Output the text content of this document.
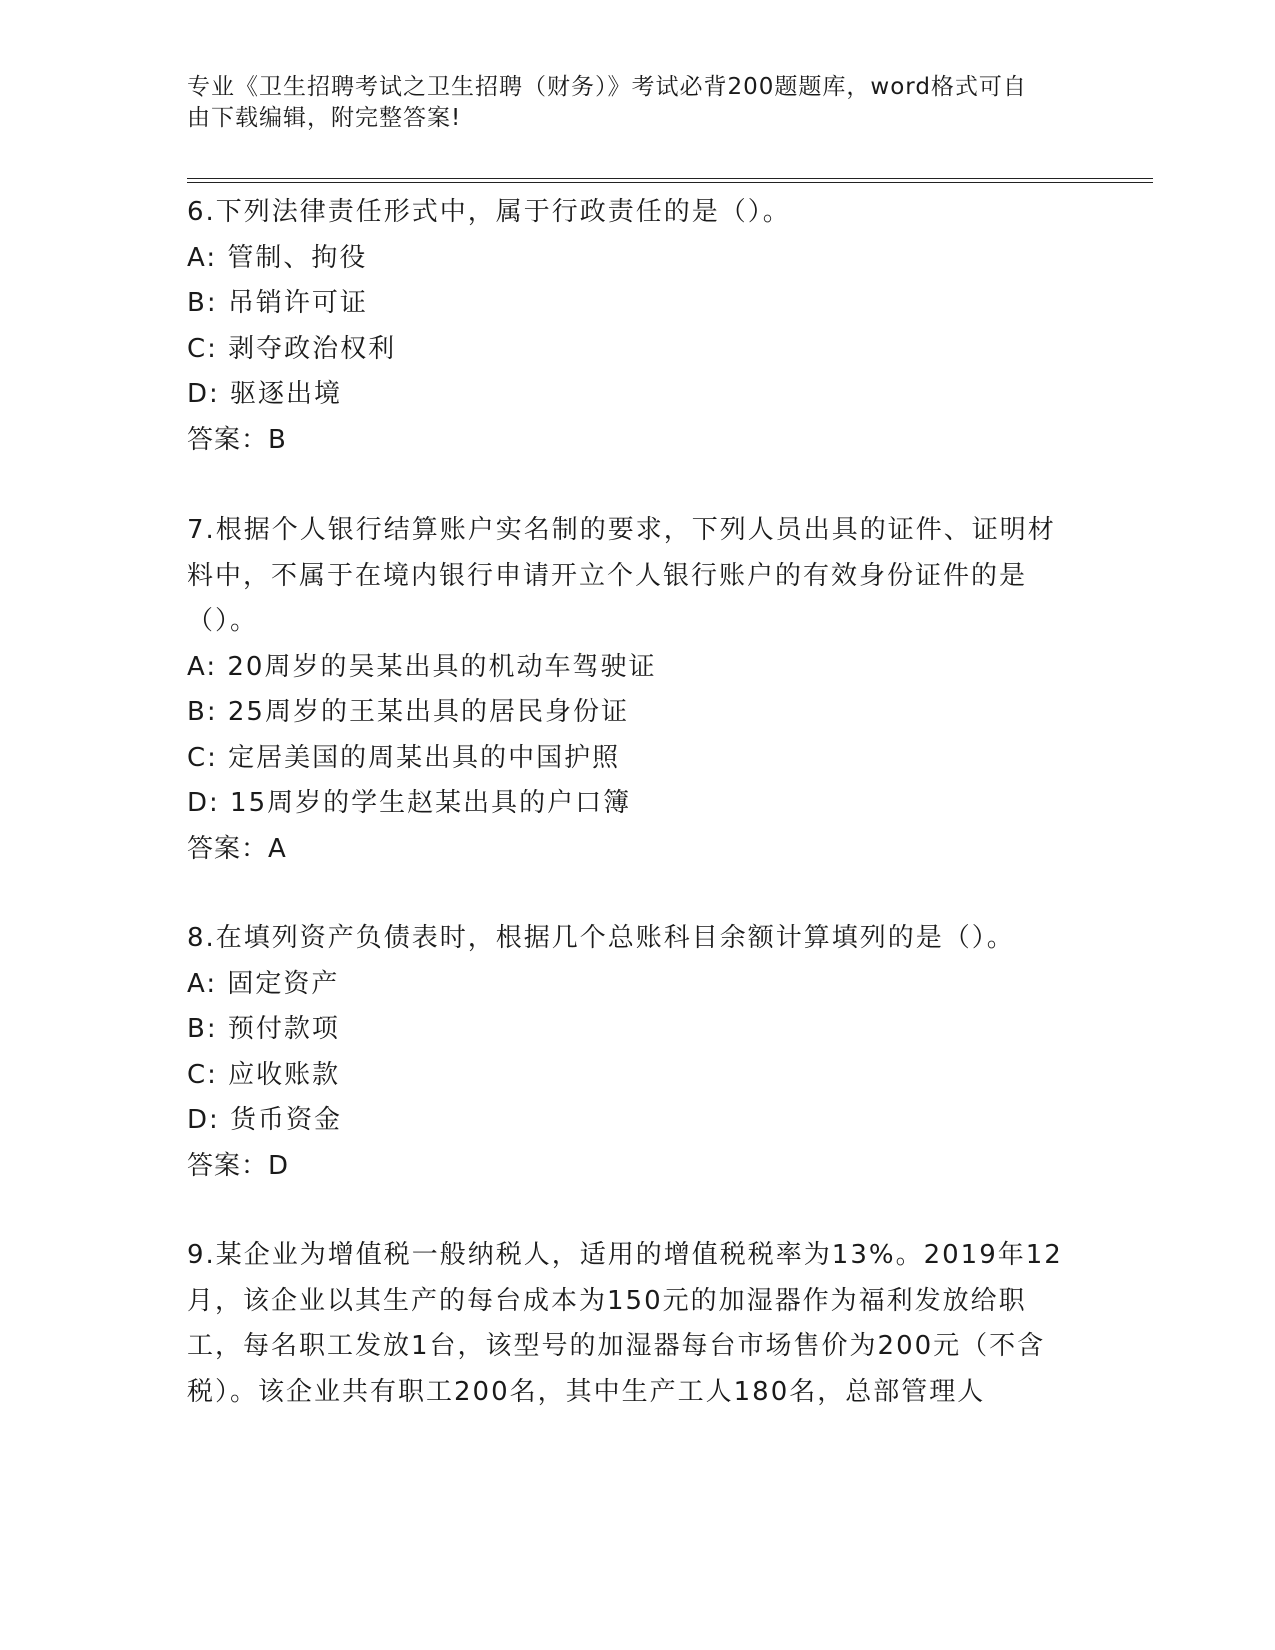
专业《卫生招聘考试之卫生招聘（财务）》考试必背200题题库，word格式可自
由下载编辑，附完整答案!
6.下列法律责任形式中，属于行政责任的是（）。
A: 管制、拘役
B: 吊销许可证
C: 剥夺政治权利
D: 驱逐出境
答案：B
7.根据个人银行结算账户实名制的要求，下列人员出具的证件、证明材料中，不属于在境内银行申请开立个人银行账户的有效身份证件的是（）。
A: 20周岁的吴某出具的机动车驾驶证
B: 25周岁的王某出具的居民身份证
C: 定居美国的周某出具的中国护照
D: 15周岁的学生赵某出具的户口簿
答案：A
8.在填列资产负债表时，根据几个总账科目余额计算填列的是（）。
A: 固定资产
B: 预付款项
C: 应收账款
D: 货币资金
答案：D
9.某企业为增值税一般纳税人，适用的增值税税率为13%。2019年12月，该企业以其生产的每台成本为150元的加湿器作为福利发放给职工，每名职工发放1台，该型号的加湿器每台市场售价为200元（不含税）。该企业共有职工200名，其中生产工人180名，总部管理人
